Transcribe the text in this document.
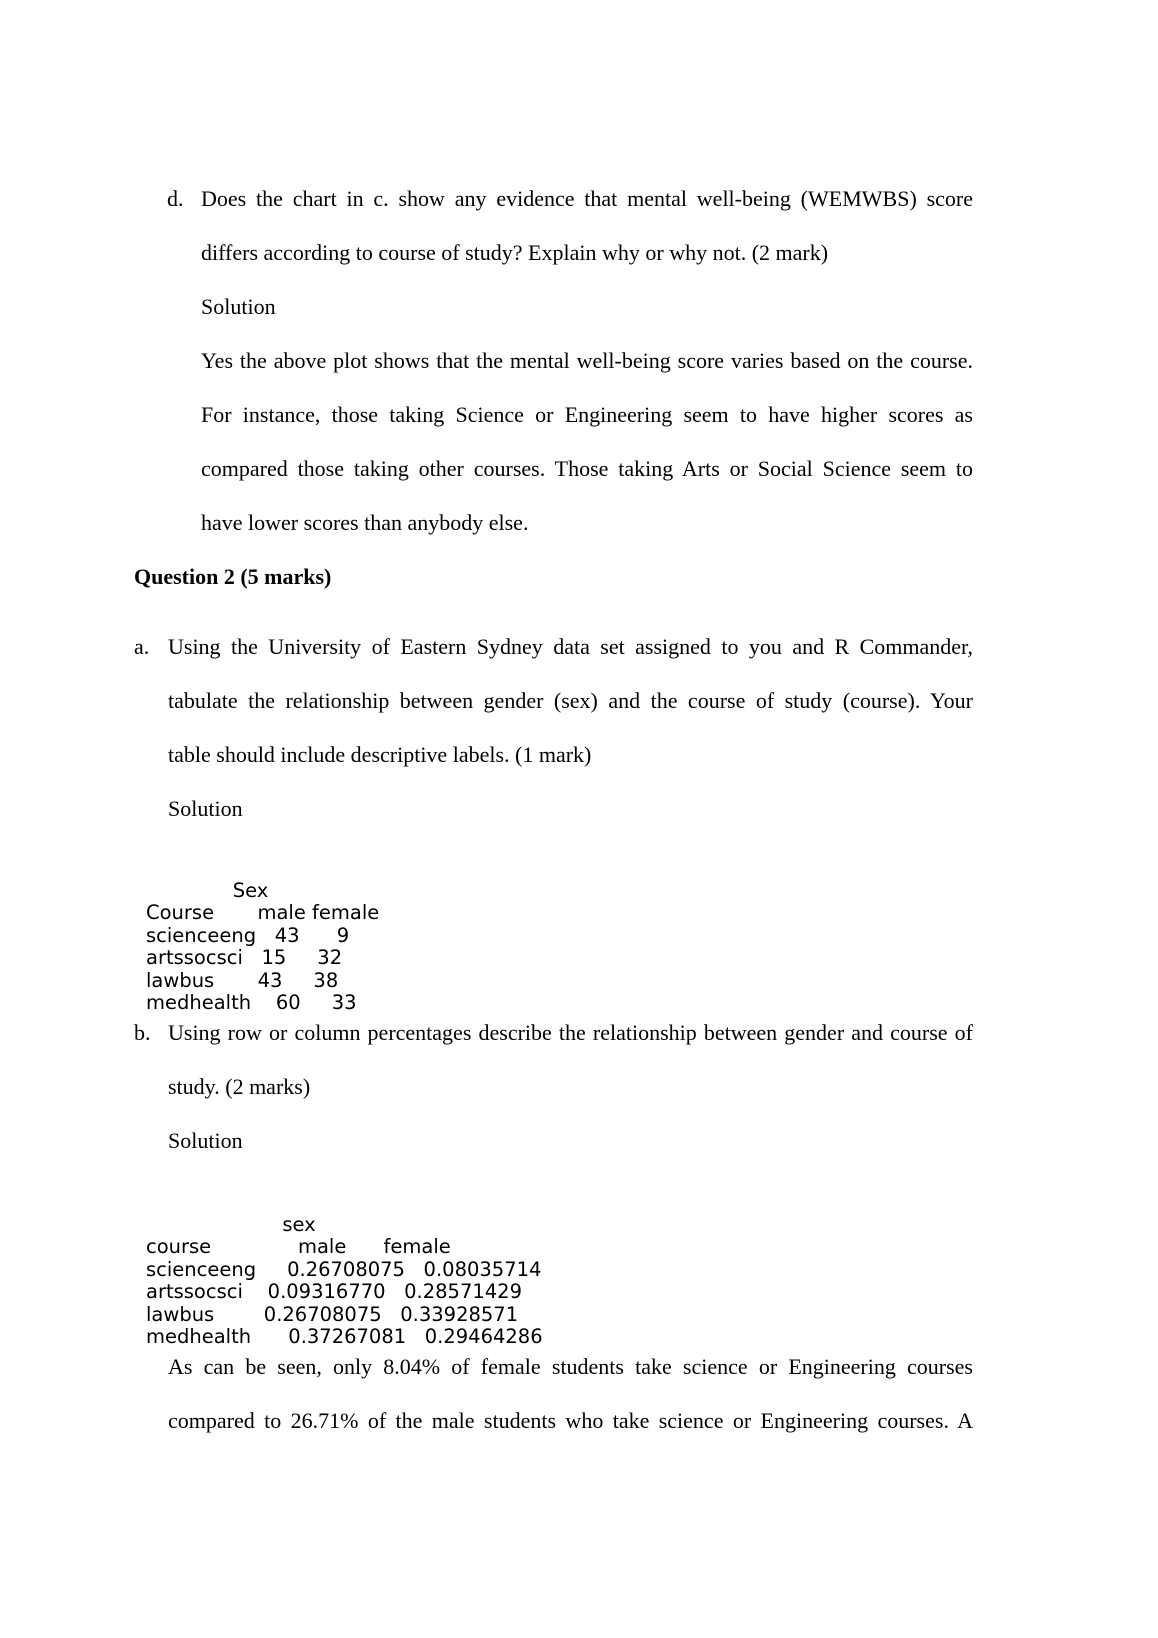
d. Does the chart in c. show any evidence that mental well-being (WEMWBS) score
differs according to course of study? Explain why or why not. (2 mark)
Solution
Yes the above plot shows that the mental well-being score varies based on the course.
For instance, those taking Science or Engineering seem to have higher scores as
compared those taking other courses. Those taking Arts or Social Science seem to
have lower scores than anybody else.
Question 2 (5 marks)
a. Using the University of Eastern Sydney data set assigned to you and R Commander,
tabulate the relationship between gender (sex) and the course of study (course). Your
table should include descriptive labels. (1 mark)
Solution

Sex
Course       male female
scienceeng   43      9
artssocsci   15     32
lawbus       43     38
medhealth    60     33

b. Using row or column percentages describe the relationship between gender and course of
study. (2 marks)
Solution

sex
course              male      female
scienceeng     0.26708075   0.08035714
artssocsci    0.09316770   0.28571429
lawbus        0.26708075   0.33928571
medhealth      0.37267081   0.29464286

As can be seen, only 8.04% of female students take science or Engineering courses
compared to 26.71% of the male students who take science or Engineering courses. A
